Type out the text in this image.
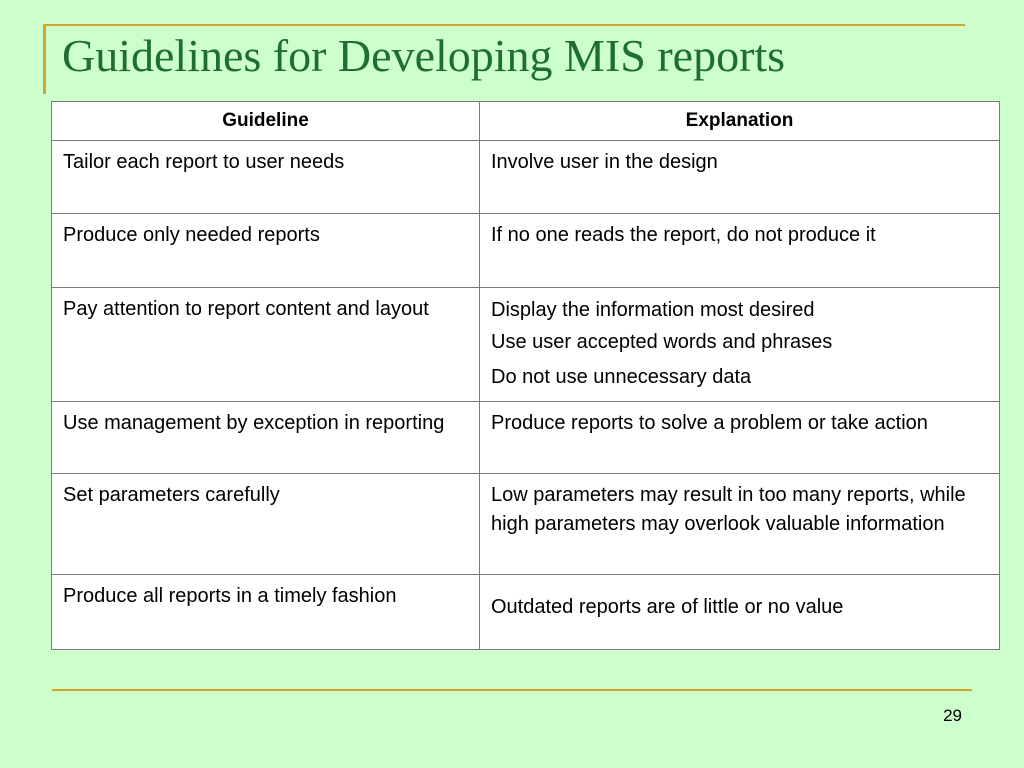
Guidelines for Developing MIS reports
Guideline	Explanation
Tailor each report to user needs	Involve user in the design
Produce only needed reports	If no one reads the report, do not produce it
Pay attention to report content and layout	Display the information most desired
Use user accepted words and phrases
Do not use unnecessary data

Use management by exception in reporting	Produce reports to solve a problem or take action
Set parameters carefully	Low parameters may result in too many reports, while high parameters may overlook valuable information
Produce all reports in a timely fashion	Outdated reports are of little or no value
29
